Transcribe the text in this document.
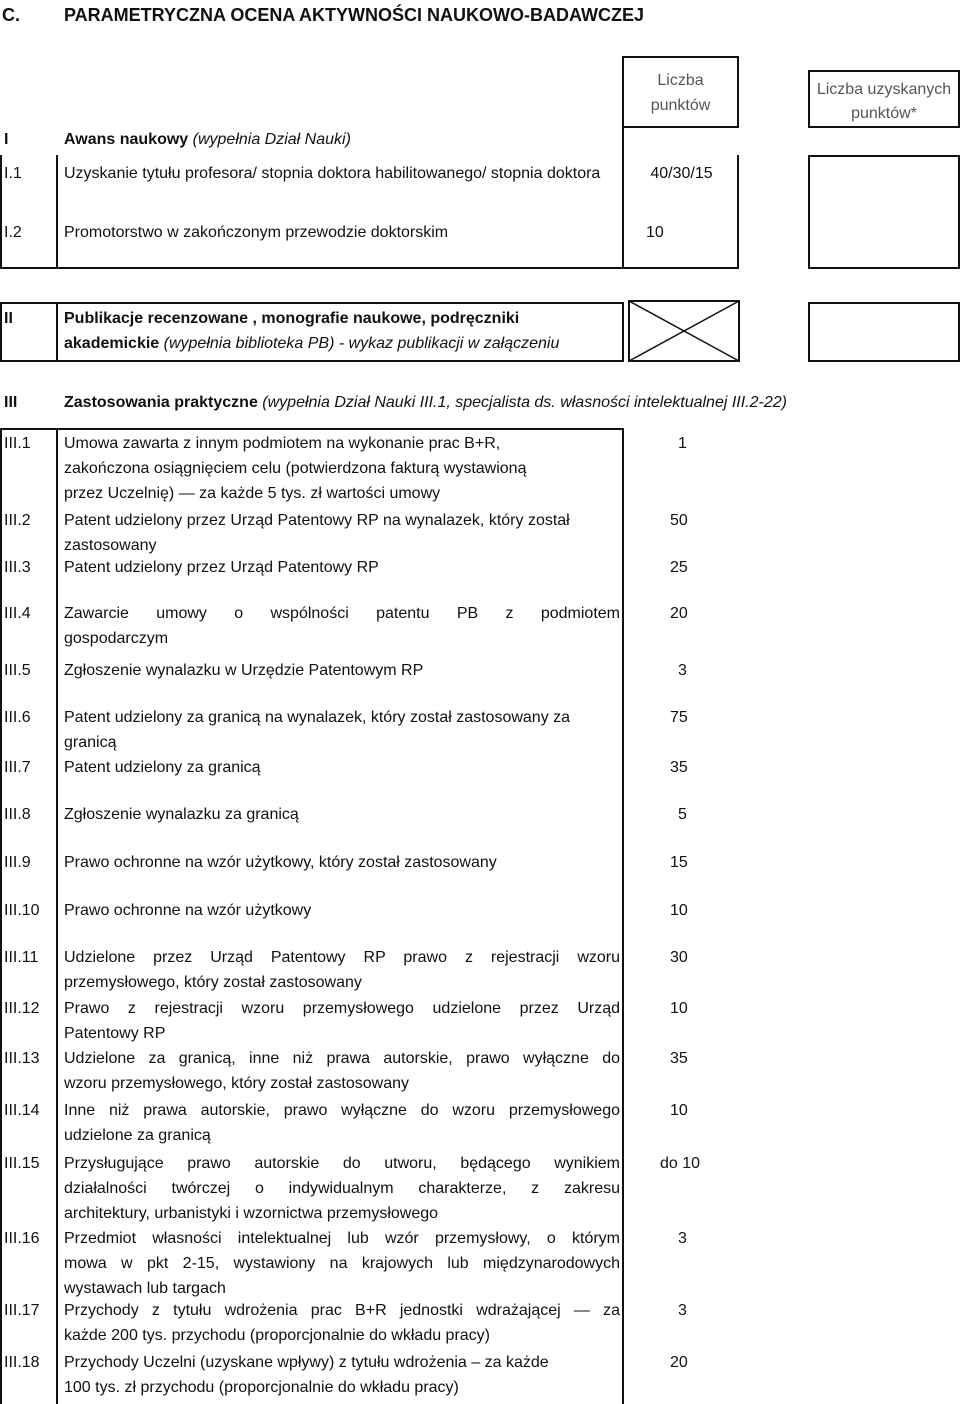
C. PARAMETRYCZNA OCENA AKTYWNOŚCI NAUKOWO-BADAWCZEJ
Liczba punktów
Liczba uzyskanych punktów*
I	Awans naukowy (wypełnia Dział Nauki)
I.1	Uzyskanie tytułu profesora/ stopnia doktora habilitowanego/ stopnia doktora	40/30/15
I.2	Promotorstwo w zakończonym przewodzie doktorskim	10
II	Publikacje recenzowane , monografie naukowe, podręczniki akademickie (wypełnia biblioteka PB) - wykaz publikacji w załączeniu
III	Zastosowania praktyczne (wypełnia Dział Nauki III.1, specjalista ds. własności intelektualnej III.2-22)
III.1 Umowa zawarta z innym podmiotem na wykonanie prac B+R,
zakończona osiągnięciem celu (potwierdzona fakturą wystawioną
przez Uczelnię) — za każde 5 tys. zł wartości umowy
1
III.2 Patent udzielony przez Urząd Patentowy RP na wynalazek, który został
zastosowany
50
III.3 Patent udzielony przez Urząd Patentowy RP	25
III.4 Zawarcie umowy o wspólności patentu PB z podmiotem
gospodarczym
20
III.5 Zgłoszenie wynalazku w Urzędzie Patentowym RP	3
III.6 Patent udzielony za granicą na wynalazek, który został zastosowany za
granicą
75
III.7 Patent udzielony za granicą	35
III.8 Zgłoszenie wynalazku za granicą	5
III.9 Prawo ochronne na wzór użytkowy, który został zastosowany	15
III.10 Prawo ochronne na wzór użytkowy	10
III.11 Udzielone przez Urząd Patentowy RP prawo z rejestracji wzoru
przemysłowego, który został zastosowany
30
III.12 Prawo z rejestracji wzoru przemysłowego udzielone przez Urząd
Patentowy RP
10
III.13 Udzielone za granicą, inne niż prawa autorskie, prawo wyłączne do
wzoru przemysłowego, który został zastosowany
35
III.14 Inne niż prawa autorskie, prawo wyłączne do wzoru przemysłowego
udzielone za granicą
10
III.15 Przysługujące prawo autorskie do utworu, będącego wynikiem
działalności twórczej o indywidualnym charakterze, z zakresu
architektury, urbanistyki i wzornictwa przemysłowego
do 10
III.16 Przedmiot własności intelektualnej lub wzór przemysłowy, o którym
mowa w pkt 2-15, wystawiony na krajowych lub międzynarodowych
wystawach lub targach
3
III.17 Przychody z tytułu wdrożenia prac B+R jednostki wdrażającej — za
każde 200 tys. przychodu (proporcjonalnie do wkładu pracy)
3
III.18 Przychody Uczelni (uzyskane wpływy) z tytułu wdrożenia – za każde
100 tys. zł przychodu (proporcjonalnie do wkładu pracy)
20
